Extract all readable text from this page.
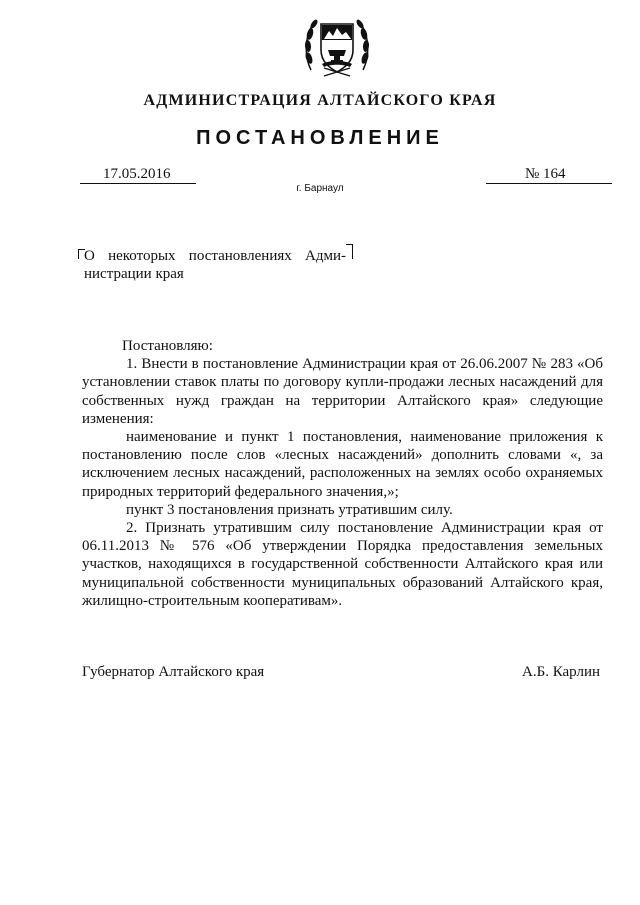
АДМИНИСТРАЦИЯ АЛТАЙСКОГО КРАЯ
ПОСТАНОВЛЕНИЕ
17.05.2016	№ 164
г. Барнаул
О некоторых постановлениях Адми-
нистрации края

Постановляю:

1. Внести в постановление Администрации края от 26.06.2007 № 283 «Об установлении ставок платы по договору купли-продажи лесных насаждений для собственных нужд граждан на территории Алтайского края» следующие изменения:

наименование и пункт 1 постановления, наименование приложения к постановлению после слов «лесных насаждений» дополнить словами «, за исключением лесных насаждений, расположенных на землях особо охраняемых природных территорий федерального значения,»;

пункт 3 постановления признать утратившим силу.

2. Признать утратившим силу постановление Администрации края от 06.11.2013 № 576 «Об утверждении Порядка предоставления земельных участков, находящихся в государственной собственности Алтайского края или муниципальной собственности муниципальных образований Алтайского края, жилищно-строительным кооперативам».

Губернатор Алтайского края	А.Б. Карлин
